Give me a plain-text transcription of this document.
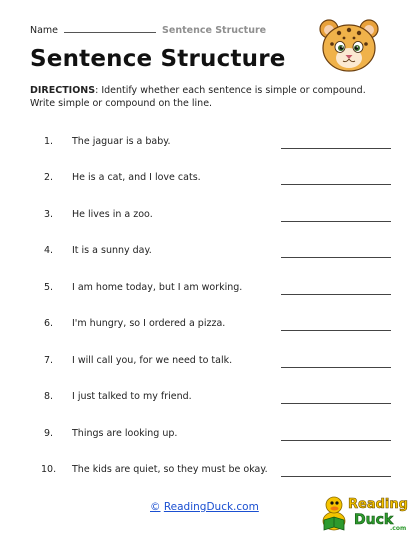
Name	Sentence Structure
Sentence Structure
DIRECTIONS: Identify whether each sentence is simple or compound. Write simple or compound on the line.
1. The jaguar is a baby.
2. He is a cat, and I love cats.
3. He lives in a zoo.
4. It is a sunny day.
5. I am home today, but I am working.
6. I'm hungry, so I ordered a pizza.
7. I will call you, for we need to talk.
8. I just talked to my friend.
9. Things are looking up.
10. The kids are quiet, so they must be okay.
© ReadingDuck.com	Reading
Duck
.com
